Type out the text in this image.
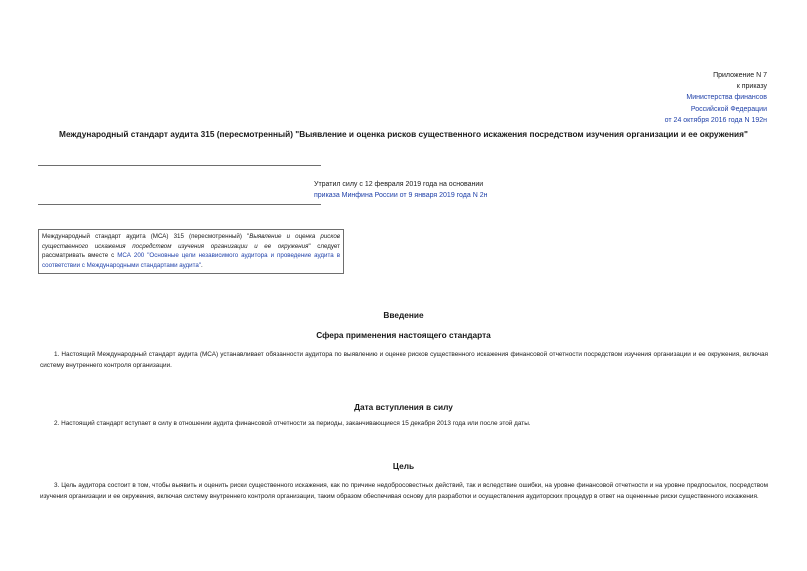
Приложение N 7
к приказу
Министерства финансов
Российской Федерации
от 24 октября 2016 года N 192н
Международный стандарт аудита 315 (пересмотренный) "Выявление и оценка рисков существенного искажения посредством изучения организации и ее окружения"
Утратил силу с 12 февраля 2019 года на основании
приказа Минфина России от 9 января 2019 года N 2н
Международный стандарт аудита (МСА) 315 (пересмотренный) "Выявление и оценка рисков существенного искажения посредством изучения организации и ее окружения" следует рассматривать вместе с МСА 200 "Основные цели независимого аудитора и проведение аудита в соответствии с Международными стандартами аудита".
Введение
Сфера применения настоящего стандарта

1. Настоящий Международный стандарт аудита (МСА) устанавливает обязанности аудитора по выявлению и оценке рисков существенного искажения финансовой отчетности посредством изучения организации и ее окружения, включая систему внутреннего контроля организации.

Дата вступления в силу

2. Настоящий стандарт вступает в силу в отношении аудита финансовой отчетности за периоды, заканчивающиеся 15 декабря 2013 года или после этой даты.

Цель

3. Цель аудитора состоит в том, чтобы выявить и оценить риски существенного искажения, как по причине недобросовестных действий, так и вследствие ошибки, на уровне финансовой отчетности и на уровне предпосылок, посредством изучения организации и ее окружения, включая систему внутреннего контроля организации, таким образом обеспечивая основу для разработки и осуществления аудиторских процедур в ответ на оцененные риски существенного искажения.
